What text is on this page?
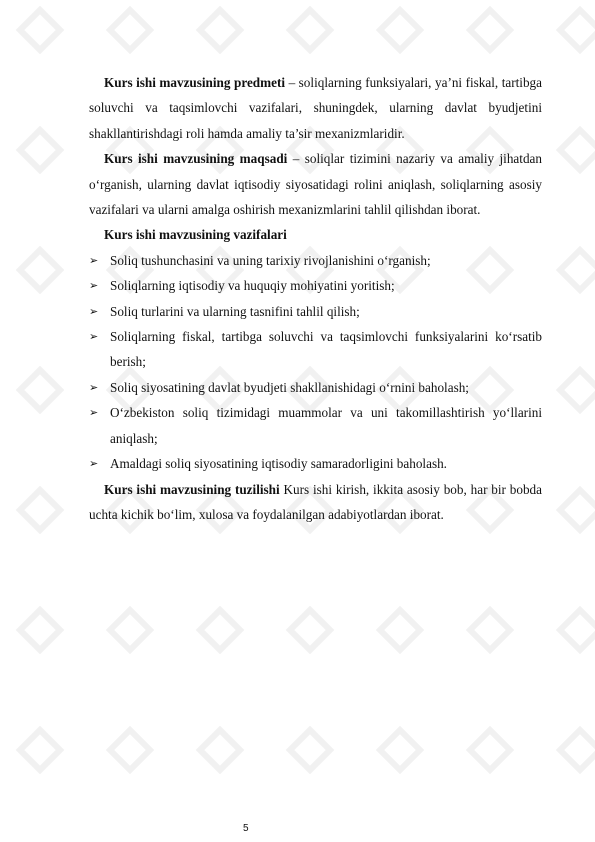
Kurs ishi mavzusining predmeti – soliqlarning funksiyalari, ya’ni fiskal, tartibga soluvchi va taqsimlovchi vazifalari, shuningdek, ularning davlat byudjetini shakllantirishdagi roli hamda amaliy ta’sir mexanizmlaridir.

Kurs ishi mavzusining maqsadi – soliqlar tizimini nazariy va amaliy jihatdan o‘rganish, ularning davlat iqtisodiy siyosatidagi rolini aniqlash, soliqlarning asosiy vazifalari va ularni amalga oshirish mexanizmlarini tahlil qilishdan iborat.

Kurs ishi mavzusining vazifalari

➢ Soliq tushunchasini va uning tarixiy rivojlanishini o‘rganish;
➢ Soliqlarning iqtisodiy va huquqiy mohiyatini yoritish;
➢ Soliq turlarini va ularning tasnifini tahlil qilish;
➢ Soliqlarning fiskal, tartibga soluvchi va taqsimlovchi funksiyalarini ko‘rsatib berish;
➢ Soliq siyosatining davlat byudjeti shakllanishidagi o‘rnini baholash;
➢ O‘zbekiston soliq tizimidagi muammolar va uni takomillashtirish yo‘llarini aniqlash;
➢ Amaldagi soliq siyosatining iqtisodiy samaradorligini baholash.

Kurs ishi mavzusining tuzilishi Kurs ishi kirish, ikkita asosiy bob, har bir bobda uchta kichik bo‘lim, xulosa va foydalanilgan adabiyotlardan iborat.

5
